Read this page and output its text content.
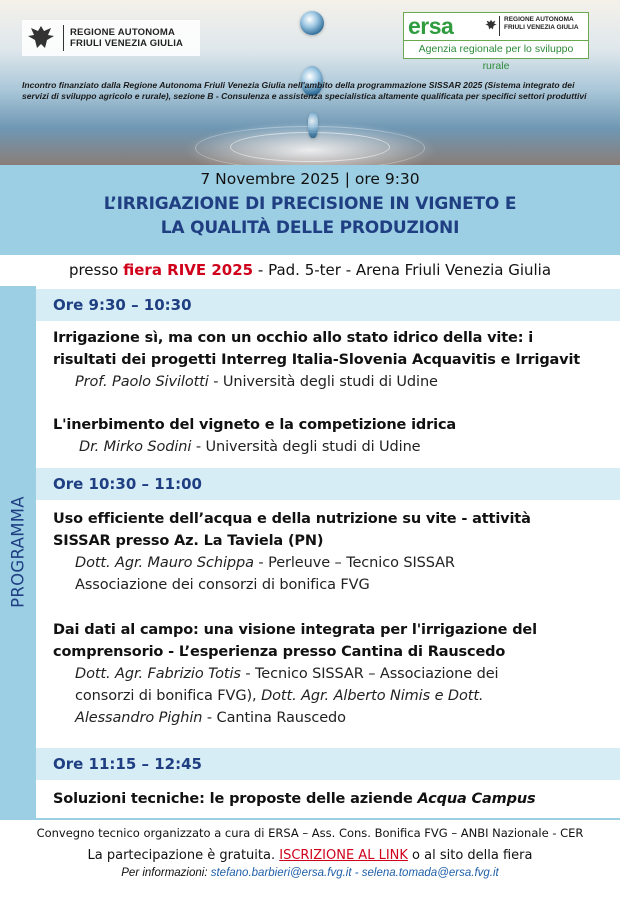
REGIONE AUTONOMA
FRIULI VENEZIA GIULIA
ersa	REGIONE AUTONOMA
FRIULI VENEZIA GIULIA
Agenzia regionale per lo sviluppo rurale
Incontro finanziato dalla Regione Autonoma Friuli Venezia Giulia nell'ambito della programmazione SISSAR 2025 (Sistema integrato dei servizi di sviluppo agricolo e rurale), sezione B - Consulenza e assistenza specialistica altamente qualificata per specifici settori produttivi
7 Novembre 2025 | ore 9:30
L’IRRIGAZIONE DI PRECISIONE IN VIGNETO E
LA QUALITÀ DELLE PRODUZIONI
presso fiera RIVE 2025 - Pad. 5-ter - Arena Friuli Venezia Giulia
PROGRAMMA
Ore 9:30 – 10:30
Irrigazione sì, ma con un occhio allo stato idrico della vite: i
risultati dei progetti Interreg Italia-Slovenia Acquavitis e Irrigavit
Prof. Paolo Sivilotti - Università degli studi di Udine
L'inerbimento del vigneto e la competizione idrica
Dr. Mirko Sodini - Università degli studi di Udine
Ore 10:30 – 11:00
Uso efficiente dell’acqua e della nutrizione su vite - attività
SISSAR presso Az. La Taviela (PN)
Dott. Agr. Mauro Schippa - Perleuve – Tecnico SISSAR
Associazione dei consorzi di bonifica FVG
Dai dati al campo: una visione integrata per l'irrigazione del
comprensorio - L’esperienza presso Cantina di Rauscedo
Dott. Agr. Fabrizio Totis - Tecnico SISSAR – Associazione dei
consorzi di bonifica FVG), Dott. Agr. Alberto Nimis e Dott.
Alessandro Pighin - Cantina Rauscedo
Ore 11:15 – 12:45
Soluzioni tecniche: le proposte delle aziende Acqua Campus
Convegno tecnico organizzato a cura di ERSA – Ass. Cons. Bonifica FVG – ANBI Nazionale - CER
La partecipazione è gratuita. ISCRIZIONE AL LINK o al sito della fiera
Per informazioni: stefano.barbieri@ersa.fvg.it - selena.tomada@ersa.fvg.it
